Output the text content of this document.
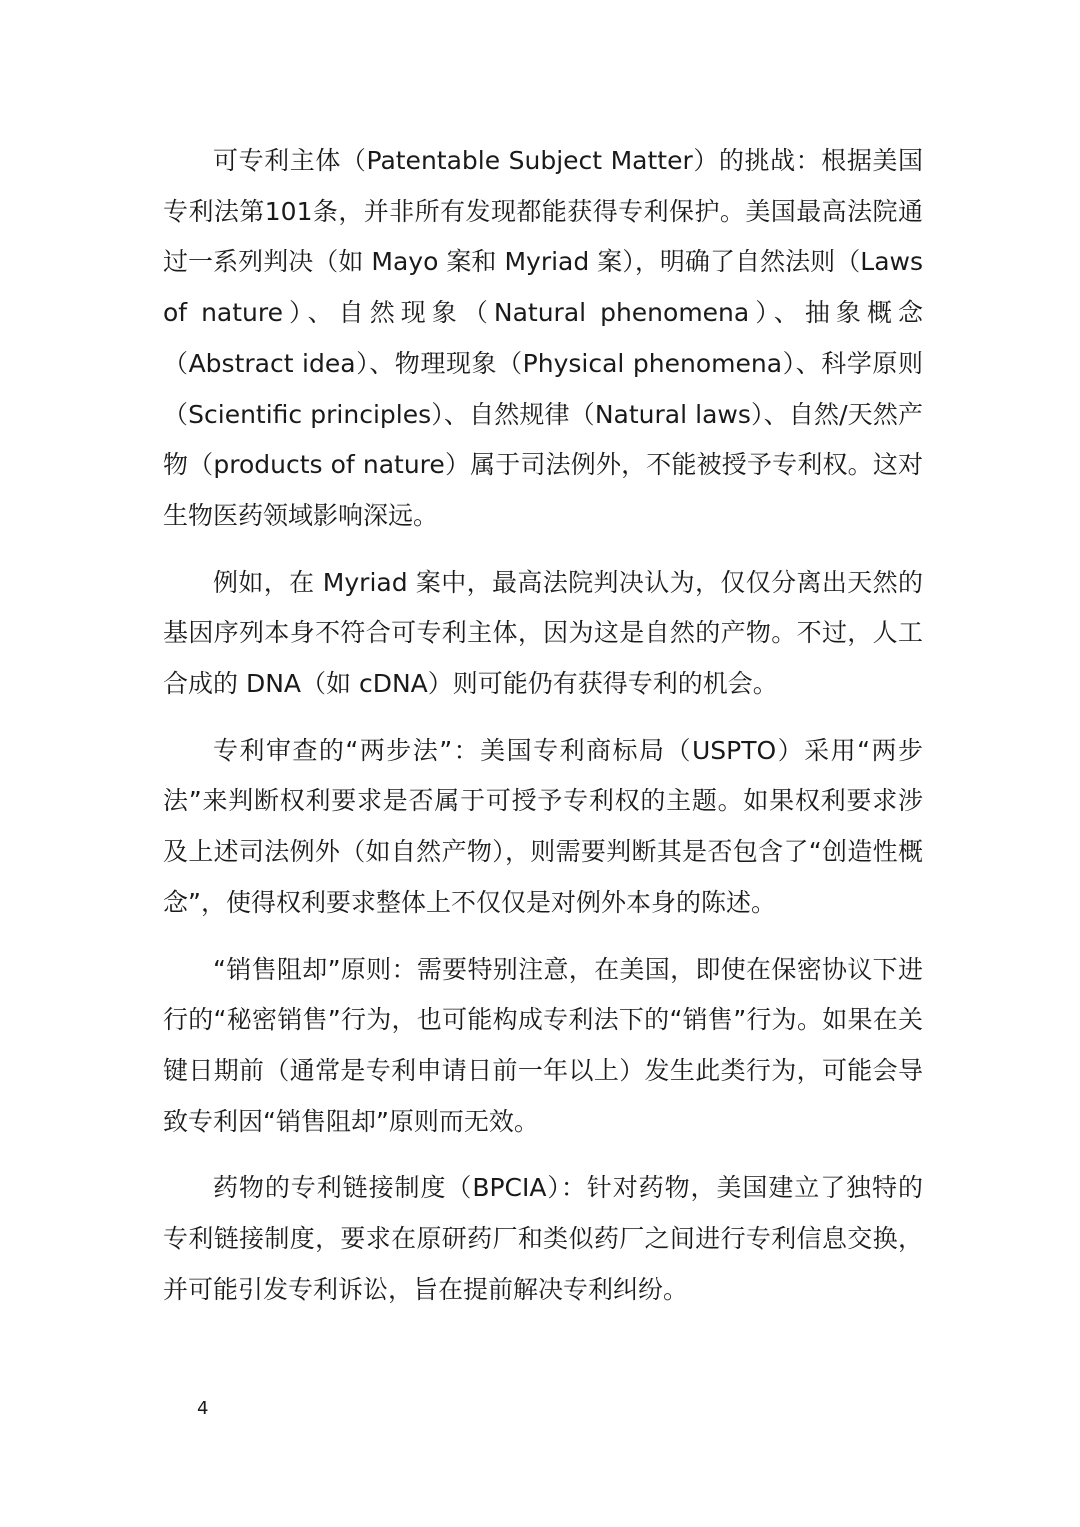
可专利主体（Patentable Subject Matter）的挑战：根据美国专利法第101条，并非所有发现都能获得专利保护。美国最高法院通过一系列判决（如 Mayo 案和 Myriad 案），明确了自然法则（Laws of nature）、自然现象（Natural phenomena）、抽象概念（Abstract idea）、物理现象（Physical phenomena）、科学原则（Scientific principles）、自然规律（Natural laws）、自然/天然产物（products of nature）属于司法例外，不能被授予专利权。这对生物医药领域影响深远。

例如，在 Myriad 案中，最高法院判决认为，仅仅分离出天然的基因序列本身不符合可专利主体，因为这是自然的产物。不过，人工合成的 DNA（如 cDNA）则可能仍有获得专利的机会。

专利审查的“两步法”：美国专利商标局（USPTO）采用“两步法”来判断权利要求是否属于可授予专利权的主题。如果权利要求涉及上述司法例外（如自然产物），则需要判断其是否包含了“创造性概念”，使得权利要求整体上不仅仅是对例外本身的陈述。

“销售阻却”原则：需要特别注意，在美国，即使在保密协议下进行的“秘密销售”行为，也可能构成专利法下的“销售”行为。如果在关键日期前（通常是专利申请日前一年以上）发生此类行为，可能会导致专利因“销售阻却”原则而无效。

药物的专利链接制度（BPCIA）：针对药物，美国建立了独特的专利链接制度，要求在原研药厂和类似药厂之间进行专利信息交换，并可能引发专利诉讼，旨在提前解决专利纠纷。

4
